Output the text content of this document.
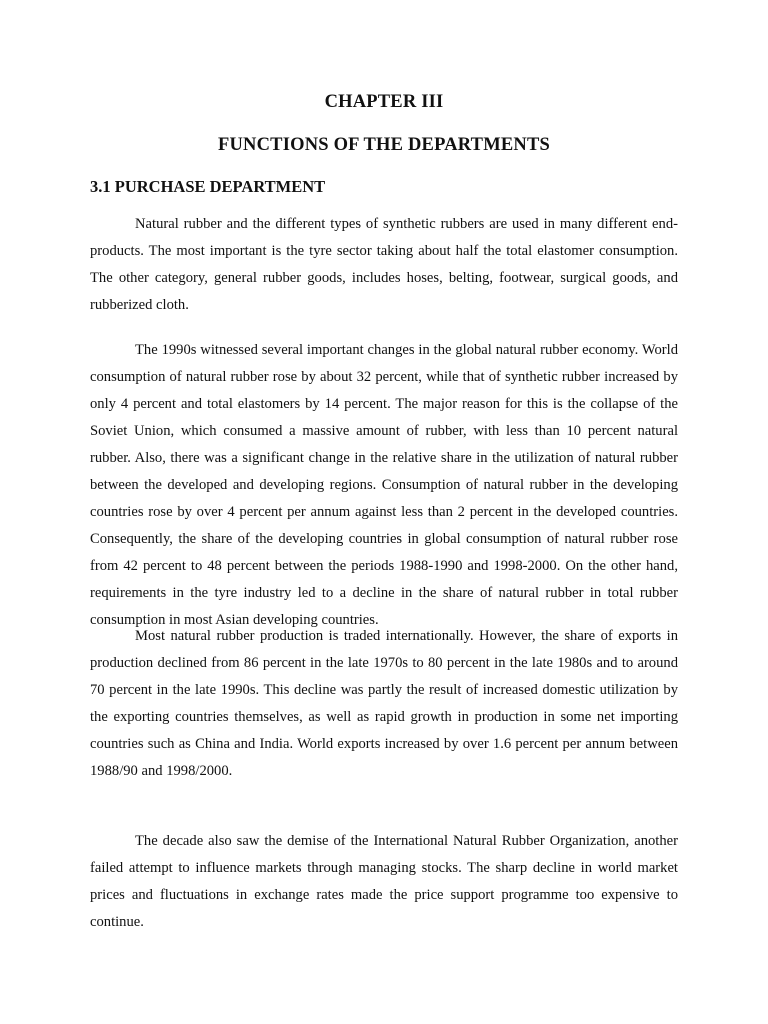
CHAPTER III
FUNCTIONS OF THE DEPARTMENTS
3.1 PURCHASE DEPARTMENT

Natural rubber and the different types of synthetic rubbers are used in many different end-products. The most important is the tyre sector taking about half the total elastomer consumption. The other category, general rubber goods, includes hoses, belting, footwear, surgical goods, and rubberized cloth.

The 1990s witnessed several important changes in the global natural rubber economy. World consumption of natural rubber rose by about 32 percent, while that of synthetic rubber increased by only 4 percent and total elastomers by 14 percent. The major reason for this is the collapse of the Soviet Union, which consumed a massive amount of rubber, with less than 10 percent natural rubber. Also, there was a significant change in the relative share in the utilization of natural rubber between the developed and developing regions. Consumption of natural rubber in the developing countries rose by over 4 percent per annum against less than 2 percent in the developed countries. Consequently, the share of the developing countries in global consumption of natural rubber rose from 42 percent to 48 percent between the periods 1988-1990 and 1998-2000. On the other hand, requirements in the tyre industry led to a decline in the share of natural rubber in total rubber consumption in most Asian developing countries.

Most natural rubber production is traded internationally. However, the share of exports in production declined from 86 percent in the late 1970s to 80 percent in the late 1980s and to around 70 percent in the late 1990s. This decline was partly the result of increased domestic utilization by the exporting countries themselves, as well as rapid growth in production in some net importing countries such as China and India. World exports increased by over 1.6 percent per annum between 1988/90 and 1998/2000.

The decade also saw the demise of the International Natural Rubber Organization, another failed attempt to influence markets through managing stocks. The sharp decline in world market prices and fluctuations in exchange rates made the price support programme too expensive to continue.
